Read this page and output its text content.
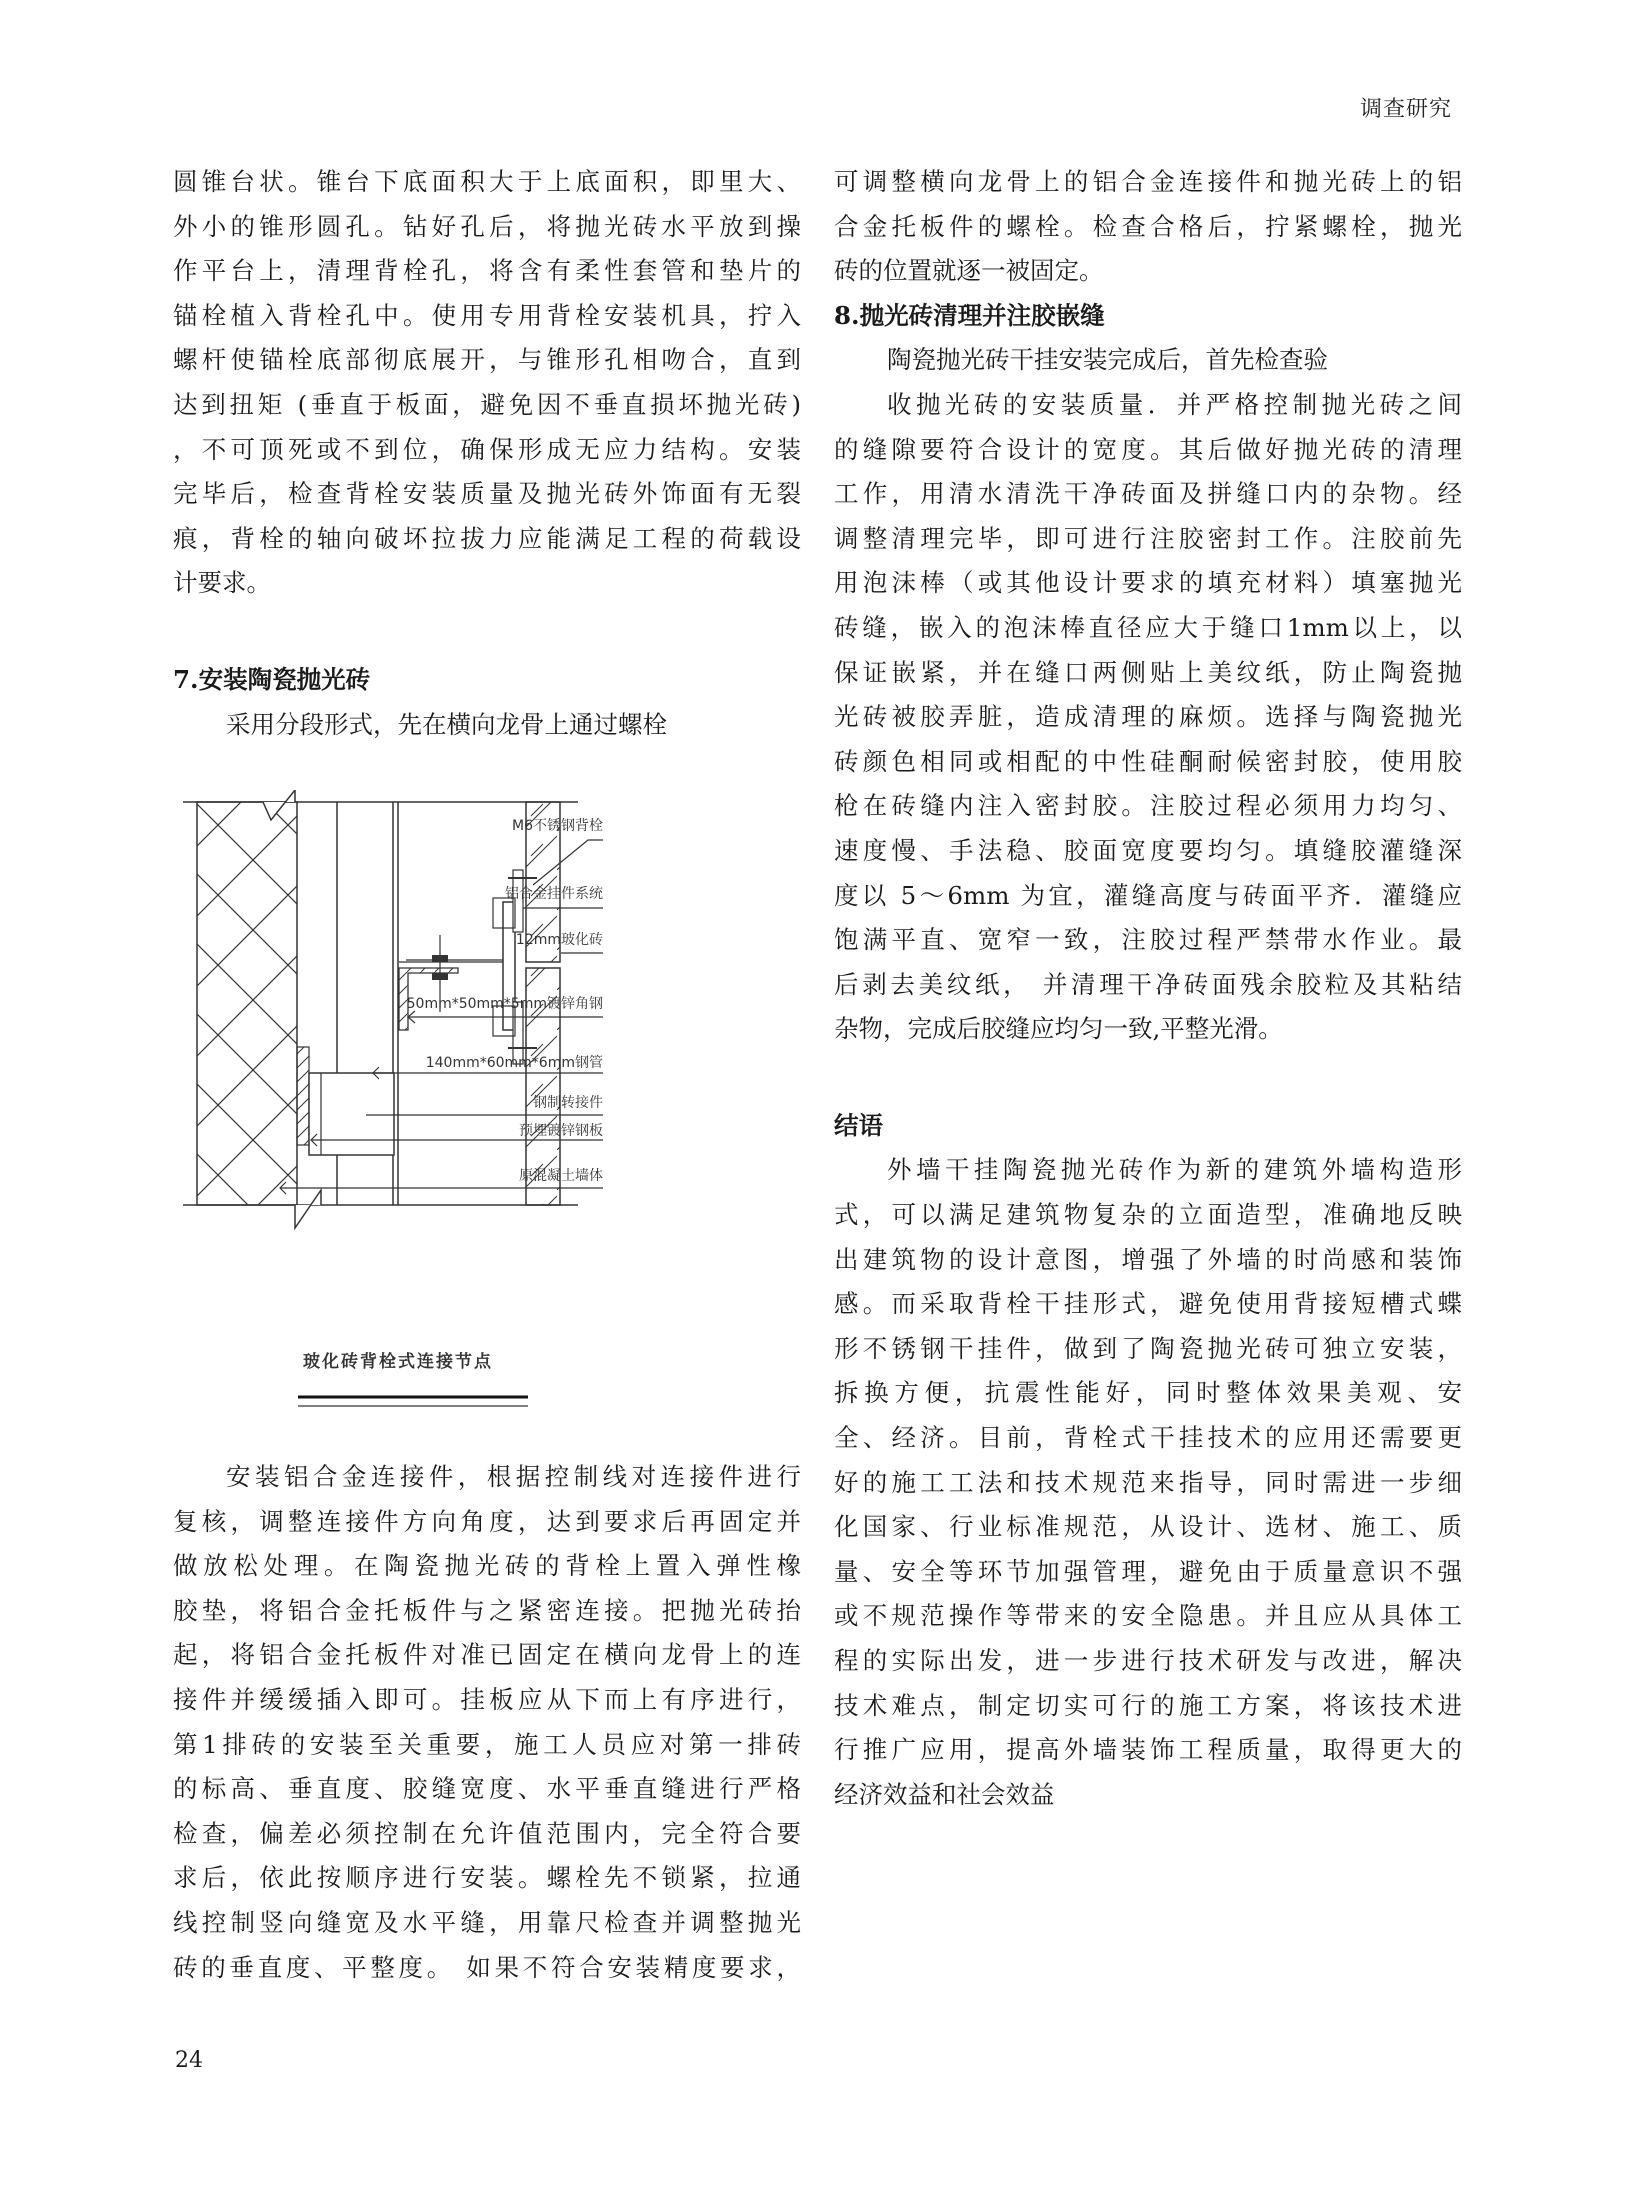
调查研究
圆锥台状。锥台下底面积大于上底面积，即里大、
外小的锥形圆孔。钻好孔后，将抛光砖水平放到操
作平台上，清理背栓孔，将含有柔性套管和垫片的
锚栓植入背栓孔中。使用专用背栓安装机具，拧入
螺杆使锚栓底部彻底展开，与锥形孔相吻合，直到
达到扭矩 (垂直于板面，避免因不垂直损坏抛光砖)
，不可顶死或不到位，确保形成无应力结构。安装
完毕后，检查背栓安装质量及抛光砖外饰面有无裂
痕，背栓的轴向破坏拉拔力应能满足工程的荷载设
计要求。
7.安装陶瓷抛光砖
采用分段形式，先在横向龙骨上通过螺栓
M6不锈钢背栓
铝合金挂件系统
12mm玻化砖
50mm*50mm*5mm镀锌角钢
140mm*60mm*6mm钢管
钢制转接件
预埋镀锌钢板
原混凝土墙体
玻化砖背栓式连接节点
安装铝合金连接件，根据控制线对连接件进行
复核，调整连接件方向角度，达到要求后再固定并
做放松处理。在陶瓷抛光砖的背栓上置入弹性橡
胶垫，将铝合金托板件与之紧密连接。把抛光砖抬
起，将铝合金托板件对准已固定在横向龙骨上的连
接件并缓缓插入即可。挂板应从下而上有序进行，
第1排砖的安装至关重要，施工人员应对第一排砖
的标高、垂直度、胶缝宽度、水平垂直缝进行严格
检查，偏差必须控制在允许值范围内，完全符合要
求后，依此按顺序进行安装。螺栓先不锁紧，拉通
线控制竖向缝宽及水平缝，用靠尺检查并调整抛光
砖的垂直度、平整度。 如果不符合安装精度要求，
可调整横向龙骨上的铝合金连接件和抛光砖上的铝
合金托板件的螺栓。检查合格后，拧紧螺栓，抛光
砖的位置就逐一被固定。
8.抛光砖清理并注胶嵌缝
陶瓷抛光砖干挂安装完成后，首先检查验
收抛光砖的安装质量．并严格控制抛光砖之间
的缝隙要符合设计的宽度。其后做好抛光砖的清理
工作，用清水清洗干净砖面及拼缝口内的杂物。经
调整清理完毕，即可进行注胶密封工作。注胶前先
用泡沫棒（或其他设计要求的填充材料）填塞抛光
砖缝，嵌入的泡沫棒直径应大于缝口1mm以上，以
保证嵌紧，并在缝口两侧贴上美纹纸，防止陶瓷抛
光砖被胶弄脏，造成清理的麻烦。选择与陶瓷抛光
砖颜色相同或相配的中性硅酮耐候密封胶，使用胶
枪在砖缝内注入密封胶。注胶过程必须用力均匀、
速度慢、手法稳、胶面宽度要均匀。填缝胶灌缝深
度以 5～6mm 为宜，灌缝高度与砖面平齐．灌缝应
饱满平直、宽窄一致，注胶过程严禁带水作业。最
后剥去美纹纸， 并清理干净砖面残余胶粒及其粘结
杂物，完成后胶缝应均匀一致,平整光滑。
结语
外墙干挂陶瓷抛光砖作为新的建筑外墙构造形
式，可以满足建筑物复杂的立面造型，准确地反映
出建筑物的设计意图，增强了外墙的时尚感和装饰
感。而采取背栓干挂形式，避免使用背接短槽式蝶
形不锈钢干挂件，做到了陶瓷抛光砖可独立安装，
拆换方便，抗震性能好，同时整体效果美观、安
全、经济。目前，背栓式干挂技术的应用还需要更
好的施工工法和技术规范来指导，同时需进一步细
化国家、行业标准规范，从设计、选材、施工、质
量、安全等环节加强管理，避免由于质量意识不强
或不规范操作等带来的安全隐患。并且应从具体工
程的实际出发，进一步进行技术研发与改进，解决
技术难点，制定切实可行的施工方案，将该技术进
行推广应用，提高外墙装饰工程质量，取得更大的
经济效益和社会效益
24
